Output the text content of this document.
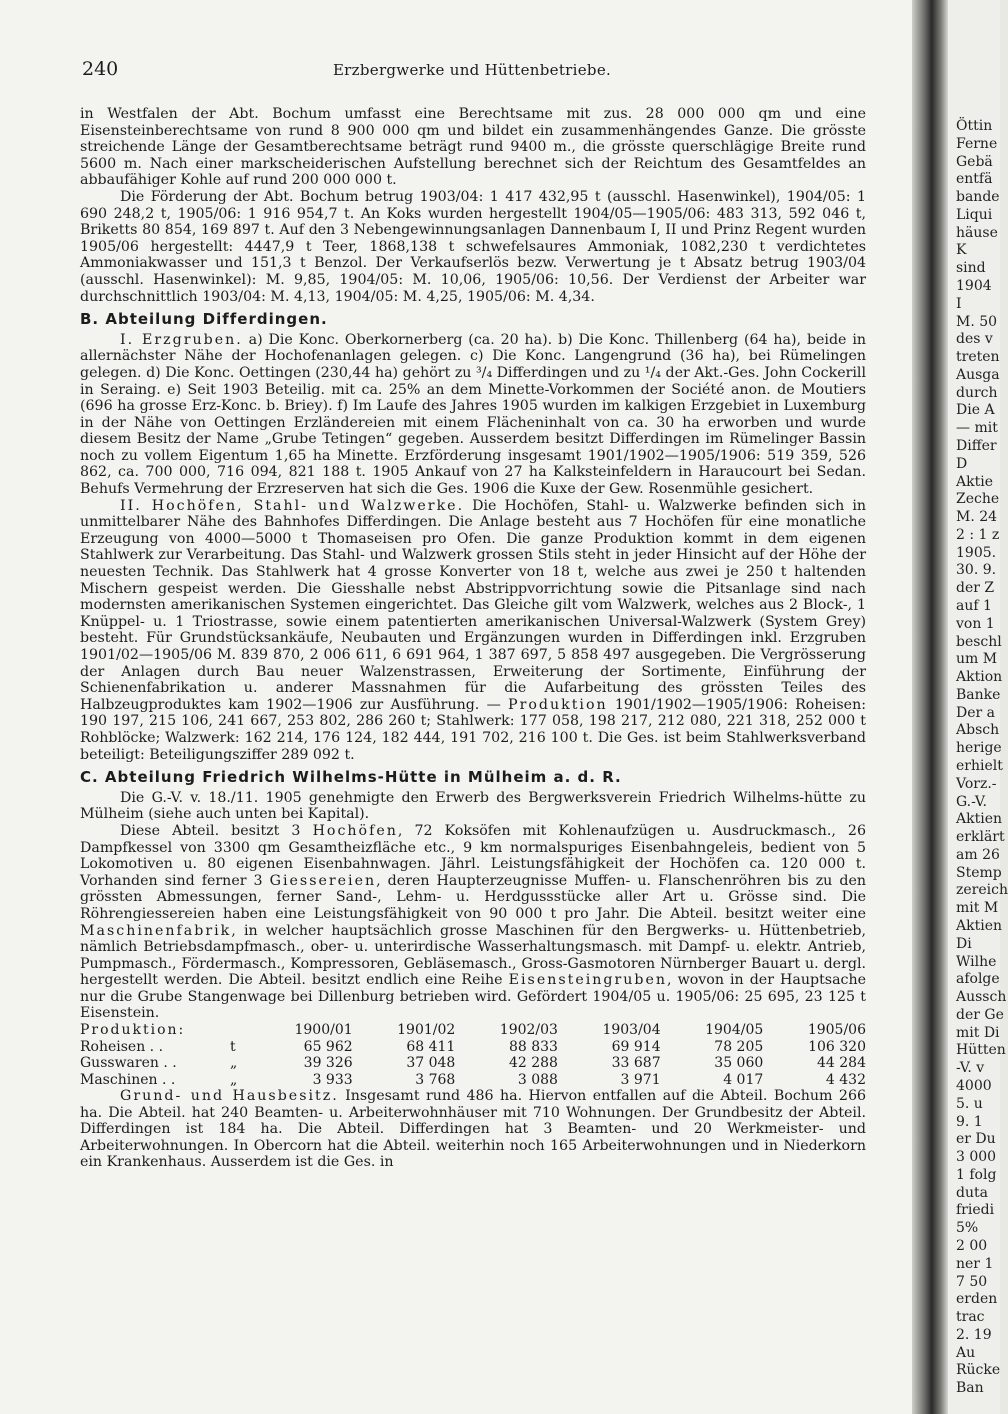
240	Erzbergwerke und Hüttenbetriebe.

in Westfalen der Abt. Bochum umfasst eine Berechtsame mit zus. 28 000 000 qm und eine Eisensteinberechtsame von rund 8 900 000 qm und bildet ein zusammenhängendes Ganze. Die grösste streichende Länge der Gesamtberechtsame beträgt rund 9400 m., die grösste querschlägige Breite rund 5600 m. Nach einer markscheiderischen Aufstellung berechnet sich der Reichtum des Gesamtfeldes an abbaufähiger Kohle auf rund 200 000 000 t.

Die Förderung der Abt. Bochum betrug 1903/04: 1 417 432,95 t (ausschl. Hasenwinkel), 1904/05: 1 690 248,2 t, 1905/06: 1 916 954,7 t. An Koks wurden hergestellt 1904/05—1905/06: 483 313, 592 046 t, Briketts 80 854, 169 897 t. Auf den 3 Nebengewinnungsanlagen Dannenbaum I, II und Prinz Regent wurden 1905/06 hergestellt: 4447,9 t Teer, 1868,138 t schwefelsaures Ammoniak, 1082,230 t verdichtetes Ammoniakwasser und 151,3 t Benzol. Der Verkaufserlös bezw. Verwertung je t Absatz betrug 1903/04 (ausschl. Hasenwinkel): M. 9,85, 1904/05: M. 10,06, 1905/06: 10,56. Der Verdienst der Arbeiter war durchschnittlich 1903/04: M. 4,13, 1904/05: M. 4,25, 1905/06: M. 4,34.

B. Abteilung Differdingen.

I. Erzgruben. a) Die Konc. Oberkornerberg (ca. 20 ha). b) Die Konc. Thillenberg (64 ha), beide in allernächster Nähe der Hochofenanlagen gelegen. c) Die Konc. Langengrund (36 ha), bei Rümelingen gelegen. d) Die Konc. Oettingen (230,44 ha) gehört zu ³/₄ Differdingen und zu ¹/₄ der Akt.-Ges. John Cockerill in Seraing. e) Seit 1903 Beteilig. mit ca. 25% an dem Minette-Vorkommen der Société anon. de Moutiers (696 ha grosse Erz-Konc. b. Briey). f) Im Laufe des Jahres 1905 wurden im kalkigen Erzgebiet in Luxemburg in der Nähe von Oettingen Erzländereien mit einem Flächeninhalt von ca. 30 ha erworben und wurde diesem Besitz der Name „Grube Tetingen“ gegeben. Ausserdem besitzt Differdingen im Rümelinger Bassin noch zu vollem Eigentum 1,65 ha Minette. Erzförderung insgesamt 1901/1902—1905/1906: 519 359, 526 862, ca. 700 000, 716 094, 821 188 t. 1905 Ankauf von 27 ha Kalksteinfeldern in Haraucourt bei Sedan. Behufs Vermehrung der Erzreserven hat sich die Ges. 1906 die Kuxe der Gew. Rosenmühle gesichert.

II. Hochöfen, Stahl- und Walzwerke. Die Hochöfen, Stahl- u. Walzwerke befinden sich in unmittelbarer Nähe des Bahnhofes Differdingen. Die Anlage besteht aus 7 Hochöfen für eine monatliche Erzeugung von 4000—5000 t Thomaseisen pro Ofen. Die ganze Produktion kommt in dem eigenen Stahlwerk zur Verarbeitung. Das Stahl- und Walzwerk grossen Stils steht in jeder Hinsicht auf der Höhe der neuesten Technik. Das Stahlwerk hat 4 grosse Konverter von 18 t, welche aus zwei je 250 t haltenden Mischern gespeist werden. Die Giesshalle nebst Abstrippvorrichtung sowie die Pitsanlage sind nach modernsten amerikanischen Systemen eingerichtet. Das Gleiche gilt vom Walzwerk, welches aus 2 Block-, 1 Knüppel- u. 1 Triostrasse, sowie einem patentierten amerikanischen Universal-Walzwerk (System Grey) besteht. Für Grundstücksankäufe, Neubauten und Ergänzungen wurden in Differdingen inkl. Erzgruben 1901/02—1905/06 M. 839 870, 2 006 611, 6 691 964, 1 387 697, 5 858 497 ausgegeben. Die Vergrösserung der Anlagen durch Bau neuer Walzenstrassen, Erweiterung der Sortimente, Einführung der Schienenfabrikation u. anderer Massnahmen für die Aufarbeitung des grössten Teiles des Halbzeugproduktes kam 1902—1906 zur Ausführung. — Produktion 1901/1902—1905/1906: Roheisen: 190 197, 215 106, 241 667, 253 802, 286 260 t; Stahlwerk: 177 058, 198 217, 212 080, 221 318, 252 000 t Rohblöcke; Walzwerk: 162 214, 176 124, 182 444, 191 702, 216 100 t. Die Ges. ist beim Stahlwerksverband beteiligt: Beteiligungsziffer 289 092 t.

C. Abteilung Friedrich Wilhelms-Hütte in Mülheim a. d. R.

Die G.-V. v. 18./11. 1905 genehmigte den Erwerb des Bergwerksverein Friedrich Wilhelms-hütte zu Mülheim (siehe auch unten bei Kapital).

Diese Abteil. besitzt 3 Hochöfen, 72 Koksöfen mit Kohlenaufzügen u. Ausdruckmasch., 26 Dampfkessel von 3300 qm Gesamtheizfläche etc., 9 km normalspuriges Eisenbahngeleis, bedient von 5 Lokomotiven u. 80 eigenen Eisenbahnwagen. Jährl. Leistungsfähigkeit der Hochöfen ca. 120 000 t. Vorhanden sind ferner 3 Giessereien, deren Haupterzeugnisse Muffen- u. Flanschenröhren bis zu den grössten Abmessungen, ferner Sand-, Lehm- u. Herdgussstücke aller Art u. Grösse sind. Die Röhrengiessereien haben eine Leistungsfähigkeit von 90 000 t pro Jahr. Die Abteil. besitzt weiter eine Maschinenfabrik, in welcher hauptsächlich grosse Maschinen für den Bergwerks- u. Hüttenbetrieb, nämlich Betriebsdampfmasch., ober- u. unterirdische Wasserhaltungsmasch. mit Dampf- u. elektr. Antrieb, Pumpmasch., Fördermasch., Kompressoren, Gebläsemasch., Gross-Gasmotoren Nürnberger Bauart u. dergl. hergestellt werden. Die Abteil. besitzt endlich eine Reihe Eisensteingruben, wovon in der Hauptsache nur die Grube Stangenwage bei Dillenburg betrieben wird. Gefördert 1904/05 u. 1905/06: 25 695, 23 125 t Eisenstein.

Produktion:		1900/01	1901/02	1902/03	1903/04	1904/05	1905/06
Roheisen . .	t	65 962	68 411	88 833	69 914	78 205	106 320
Gusswaren . .	„	39 326	37 048	42 288	33 687	35 060	44 284
Maschinen . .	„	3 933	3 768	3 088	3 971	4 017	4 432

Grund- und Hausbesitz. Insgesamt rund 486 ha. Hiervon entfallen auf die Abteil. Bochum 266 ha. Die Abteil. hat 240 Beamten- u. Arbeiterwohnhäuser mit 710 Wohnungen. Der Grundbesitz der Abteil. Differdingen ist 184 ha. Die Abteil. Differdingen hat 3 Beamten- und 20 Werkmeister- und Arbeiterwohnungen. In Obercorn hat die Abteil. weiterhin noch 165 Arbeiterwohnungen und in Niederkorn ein Krankenhaus. Ausserdem ist die Ges. in

Öttin
Ferne
Gebä
entfä
bande
Liqui
häuse
K
sind
1904
I
M. 50
des v
treten
Ausga
durch
Die A
— mit
Differ
D
Aktie
Zeche
M. 24
2 : 1 z
1905.
30. 9.
der Z
auf 1
von 1
beschl
um M
Aktion
Banke
Der a
Absch
herige
erhielt
Vorz.-
G.-V.
Aktien
erklärt
am 26
Stemp
zereich
mit M
Aktien
Di
Wilhe
afolge
Aussch
der Ge
mit Di
Hütten
-V. v
4000
5. u
9. 1
er Du
3 000
1 folg
duta
friedi
5%
2 00
ner 1
7 50
erden
trac
2. 19
Au
Rücke
Ban
